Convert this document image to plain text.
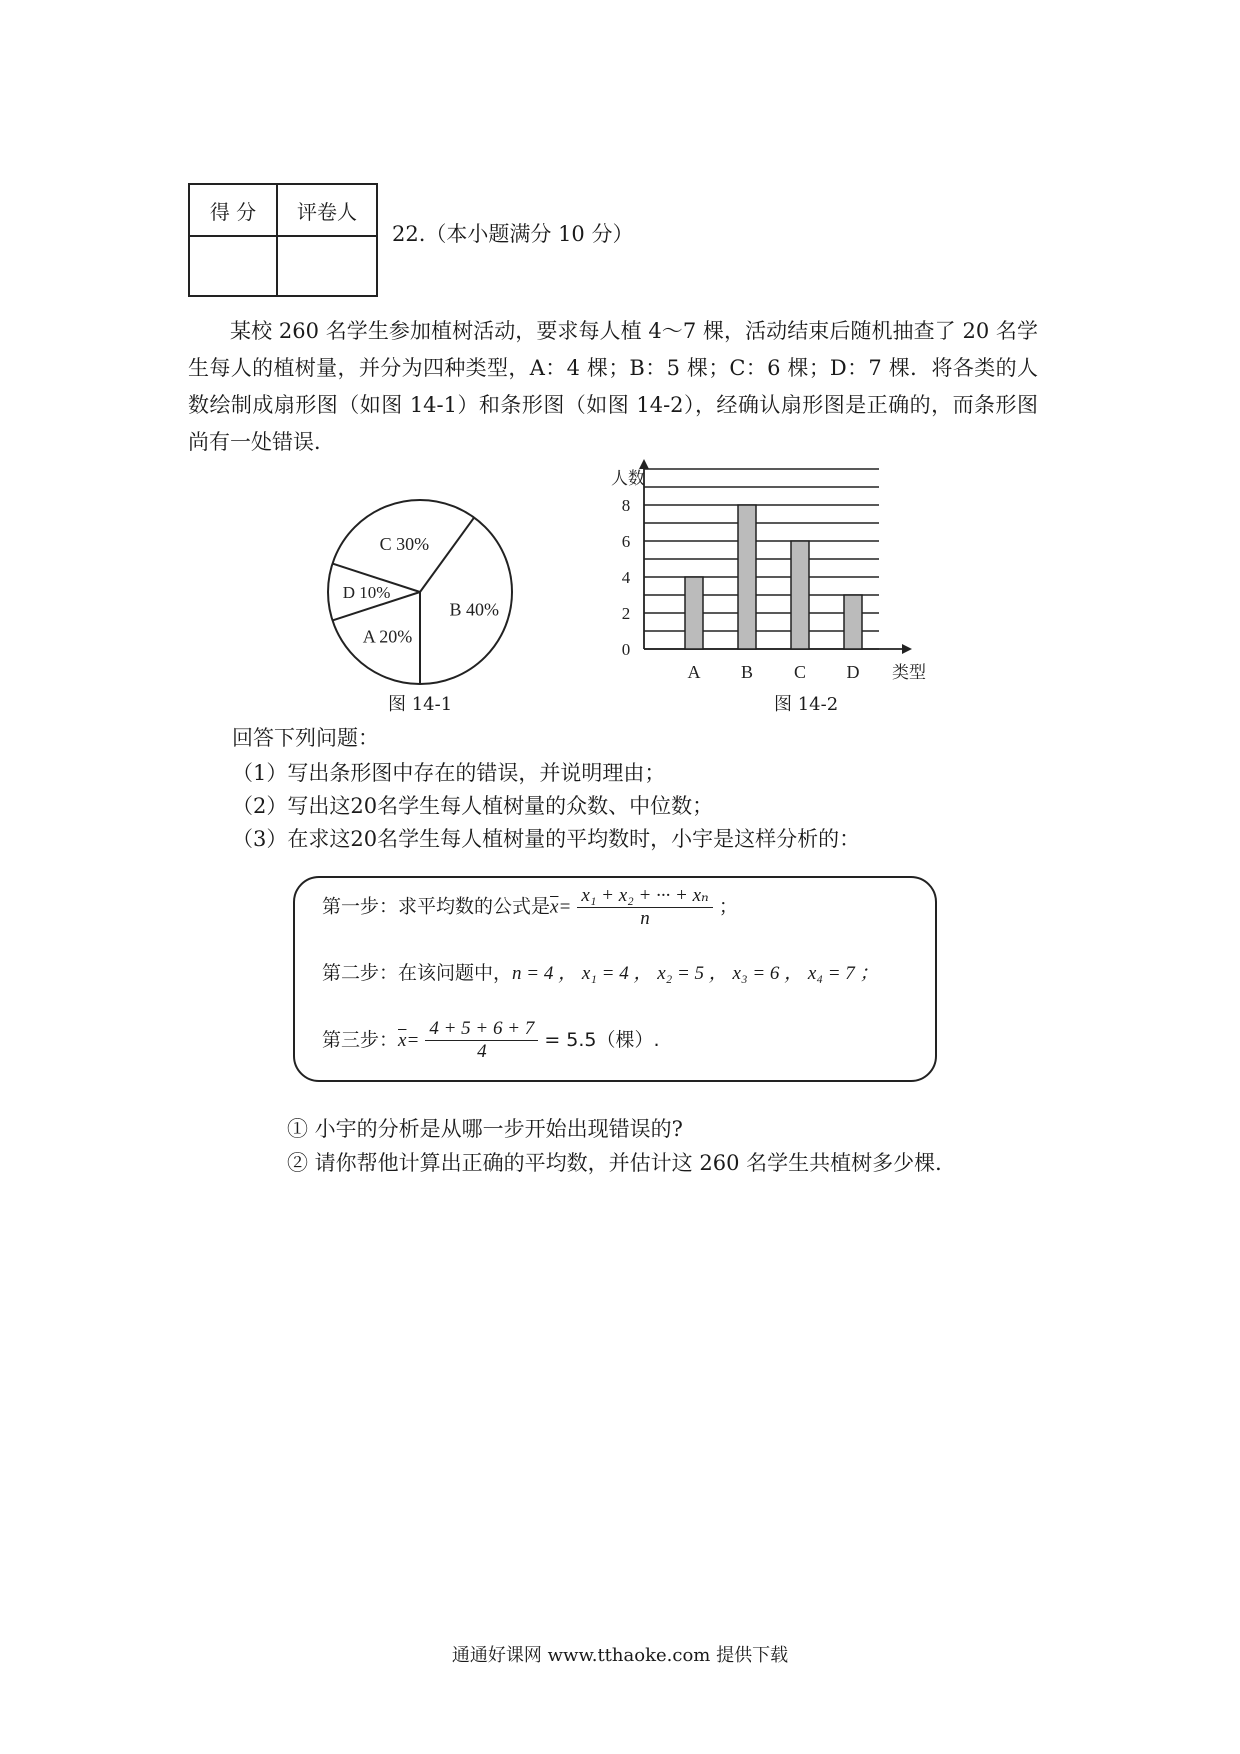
得 分	评卷人

22.（本小题满分 10 分）
某校 260 名学生参加植树活动，要求每人植 4～7 棵，活动结束后随机抽查了 20 名学生每人的植树量，并分为四种类型，A：4 棵；B：5 棵；C：6 棵；D：7 棵．将各类的人数绘制成扇形图（如图 14-1）和条形图（如图 14-2），经确认扇形图是正确的，而条形图尚有一处错误．
B 40%
C 30%
D 10%
A 20%
图 14-1
0
2
4
6
8
人数
A B C D 类型
图 14-2
回答下列问题：
（1）写出条形图中存在的错误，并说明理由；
（2）写出这20名学生每人植树量的众数、中位数；
（3）在求这20名学生每人植树量的平均数时，小宇是这样分析的：
第一步：求平均数的公式是$\overline{x}= \frac{\text{x₁ + x₂ + ··· + xₙ}}{n}$ ；
第二步：在该问题中，n = 4 ， x₁ = 4 ， x₂ = 5 ， x₃ = 6 ， x₄ = 7 ；
第三步：$\overline{x}= \frac{4 + 5 + 6 + 7}{4} = 5.5$（棵）.
① 小宇的分析是从哪一步开始出现错误的?
② 请你帮他计算出正确的平均数，并估计这 260 名学生共植树多少棵．
通通好课网 www.tthaoke.com 提供下载
